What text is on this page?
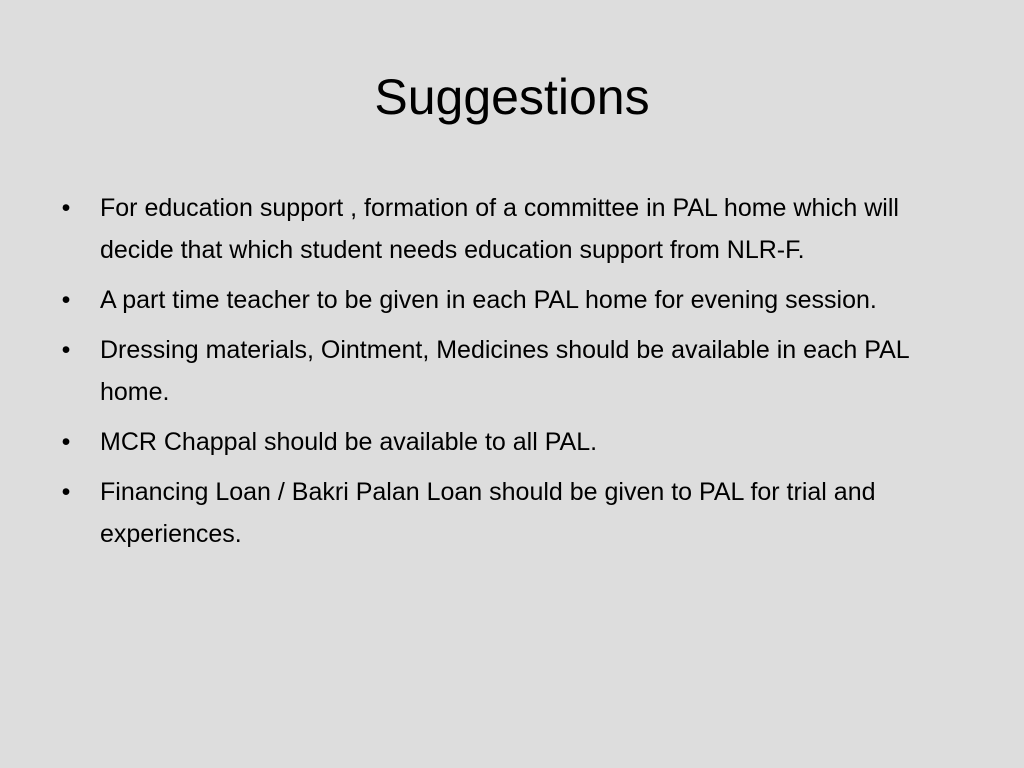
Suggestions
• For education support , formation of a committee in PAL home which will decide that which student needs education support from NLR-F.
• A part time teacher to be given in each PAL home for evening session.
• Dressing materials, Ointment, Medicines should be available in each PAL home.
• MCR Chappal should be available to all PAL.
• Financing Loan / Bakri Palan Loan should be given to PAL for trial and experiences.
